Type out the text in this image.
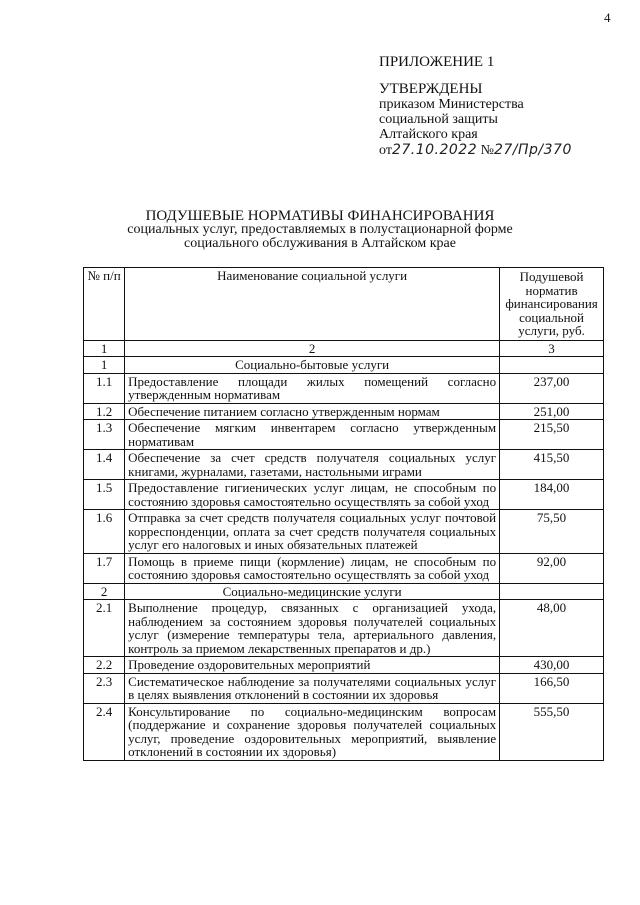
4
ПРИЛОЖЕНИЕ 1
УТВЕРЖДЕНЫ
приказом Министерства
социальной защиты
Алтайского края
от27.10.2022 №27/Пр/370
ПОДУШЕВЫЕ НОРМАТИВЫ ФИНАНСИРОВАНИЯ
социальных услуг, предоставляемых в полустационарной форме
социального обслуживания в Алтайском крае
№ п/п	Наименование социальной услуги	Подушевой норматив финансирования социальной услуги, руб.
1	2	3
1	Социально-бытовые услуги	
1.1	Предоставление площади жилых помещений согласно утвержденным нормативам	237,00
1.2	Обеспечение питанием согласно утвержденным нормам	251,00
1.3	Обеспечение мягким инвентарем согласно утвержденным нормативам	215,50
1.4	Обеспечение за счет средств получателя социальных услуг книгами, журналами, газетами, настольными играми	415,50
1.5	Предоставление гигиенических услуг лицам, не способным по состоянию здоровья самостоятельно осуществлять за собой уход	184,00
1.6	Отправка за счет средств получателя социальных услуг почтовой корреспонденции, оплата за счет средств получателя социальных услуг его налоговых и иных обязательных платежей	75,50
1.7	Помощь в приеме пищи (кормление) лицам, не способным по состоянию здоровья самостоятельно осуществлять за собой уход	92,00
2	Социально-медицинские услуги	
2.1	Выполнение процедур, связанных с организацией ухода, наблюдением за состоянием здоровья получателей социальных услуг (измерение температуры тела, артериального давления, контроль за приемом лекарственных препаратов и др.)	48,00
2.2	Проведение оздоровительных мероприятий	430,00
2.3	Систематическое наблюдение за получателями социальных услуг в целях выявления отклонений в состоянии их здоровья	166,50
2.4	Консультирование по социально-медицинским вопросам (поддержание и сохранение здоровья получателей социальных услуг, проведение оздоровительных мероприятий, выявление отклонений в состоянии их здоровья)	555,50
